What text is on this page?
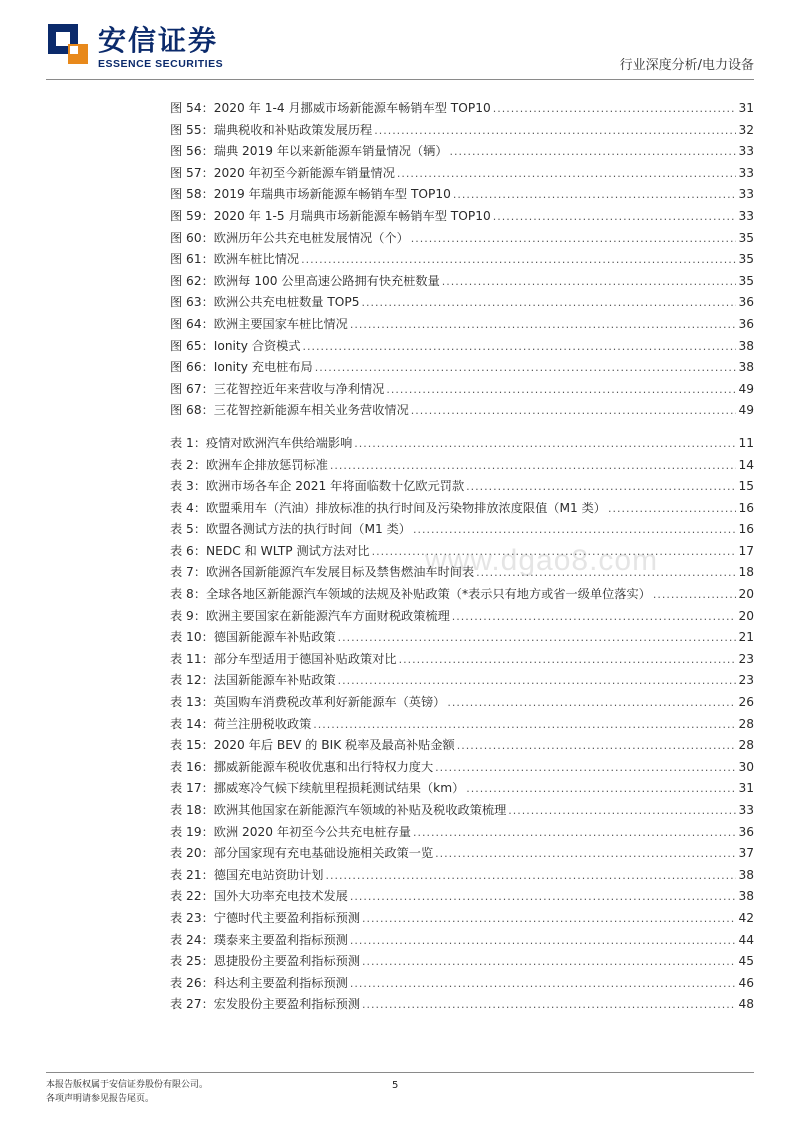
安信证券
ESSENCE SECURITIES	行业深度分析/电力设备
www.dgao8.com
图 54： 2020 年 1-4 月挪威市场新能源车畅销车型 TOP10 .....	31
图 55： 瑞典税收和补贴政策发展历程 .....	32
图 56： 瑞典 2019 年以来新能源车销量情况（辆） .....	33
图 57： 2020 年初至今新能源车销量情况 .....	33
图 58： 2019 年瑞典市场新能源车畅销车型 TOP10 .....	33
图 59： 2020 年 1-5 月瑞典市场新能源车畅销车型 TOP10 .....	33
图 60： 欧洲历年公共充电桩发展情况（个） .....	35
图 61： 欧洲车桩比情况 .....	35
图 62： 欧洲每 100 公里高速公路拥有快充桩数量 .....	35
图 63： 欧洲公共充电桩数量 TOP5 .....	36
图 64： 欧洲主要国家车桩比情况 .....	36
图 65： Ionity 合资模式 .....	38
图 66： Ionity 充电桩布局 .....	38
图 67： 三花智控近年来营收与净利情况 .....	49
图 68： 三花智控新能源车相关业务营收情况 .....	49
表 1： 疫情对欧洲汽车供给端影响 .....	11
表 2： 欧洲车企排放惩罚标准 .....	14
表 3： 欧洲市场各车企 2021 年将面临数十亿欧元罚款 .....	15
表 4： 欧盟乘用车（汽油）排放标准的执行时间及污染物排放浓度限值（M1 类） .....	16
表 5： 欧盟各测试方法的执行时间（M1 类） .....	16
表 6： NEDC 和 WLTP 测试方法对比 .....	17
表 7： 欧洲各国新能源汽车发展目标及禁售燃油车时间表 .....	18
表 8： 全球各地区新能源汽车领域的法规及补贴政策（*表示只有地方或省一级单位落实） .....	20
表 9： 欧洲主要国家在新能源汽车方面财税政策梳理 .....	20
表 10： 德国新能源车补贴政策 .....	21
表 11： 部分车型适用于德国补贴政策对比 .....	23
表 12： 法国新能源车补贴政策 .....	23
表 13： 英国购车消费税改革利好新能源车（英镑） .....	26
表 14： 荷兰注册税收政策 .....	28
表 15： 2020 年后 BEV 的 BIK 税率及最高补贴金额 .....	28
表 16： 挪威新能源车税收优惠和出行特权力度大 .....	30
表 17： 挪威寒冷气候下续航里程损耗测试结果（km） .....	31
表 18： 欧洲其他国家在新能源汽车领域的补贴及税收政策梳理 .....	33
表 19： 欧洲 2020 年初至今公共充电桩存量 .....	36
表 20： 部分国家现有充电基础设施相关政策一览 .....	37
表 21： 德国充电站资助计划 .....	38
表 22： 国外大功率充电技术发展 .....	38
表 23： 宁德时代主要盈利指标预测 .....	42
表 24： 璞泰来主要盈利指标预测 .....	44
表 25： 恩捷股份主要盈利指标预测 .....	45
表 26： 科达利主要盈利指标预测 .....	46
表 27： 宏发股份主要盈利指标预测 .....	48
本报告版权属于安信证券股份有限公司。
各项声明请参见报告尾页。
5
